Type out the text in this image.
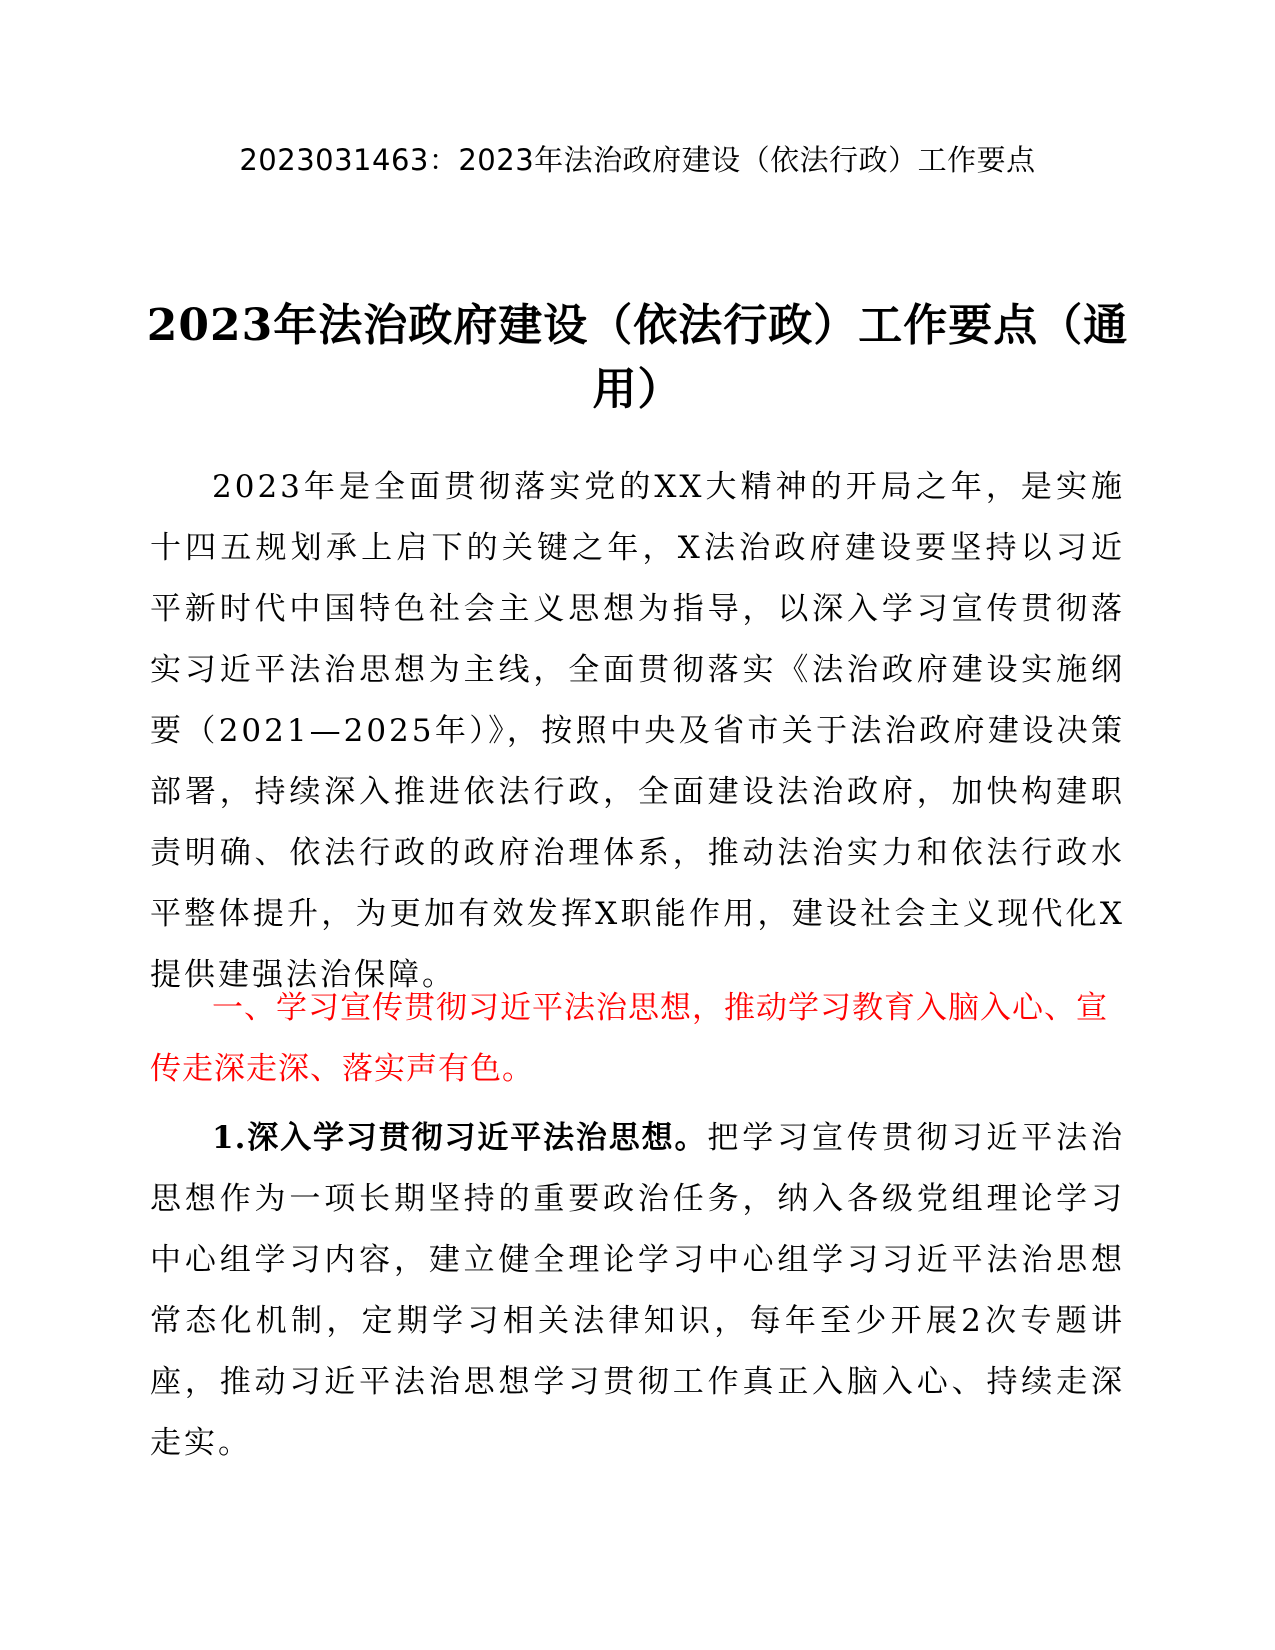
2023031463：2023年法治政府建设（依法行政）工作要点
2023年法治政府建设（依法行政）工作要点（通用）
2023年是全面贯彻落实党的XX大精神的开局之年，是实施十四五规划承上启下的关键之年，X法治政府建设要坚持以习近平新时代中国特色社会主义思想为指导，以深入学习宣传贯彻落实习近平法治思想为主线，全面贯彻落实《法治政府建设实施纲要（2021—2025年）》，按照中央及省市关于法治政府建设决策部署，持续深入推进依法行政，全面建设法治政府，加快构建职责明确、依法行政的政府治理体系，推动法治实力和依法行政水平整体提升，为更加有效发挥X职能作用，建设社会主义现代化X提供建强法治保障。
一、学习宣传贯彻习近平法治思想，推动学习教育入脑入心、宣传走深走深、落实声有色。
1.深入学习贯彻习近平法治思想。把学习宣传贯彻习近平法治思想作为一项长期坚持的重要政治任务，纳入各级党组理论学习中心组学习内容，建立健全理论学习中心组学习习近平法治思想常态化机制，定期学习相关法律知识，每年至少开展2次专题讲座，推动习近平法治思想学习贯彻工作真正入脑入心、持续走深走实。
